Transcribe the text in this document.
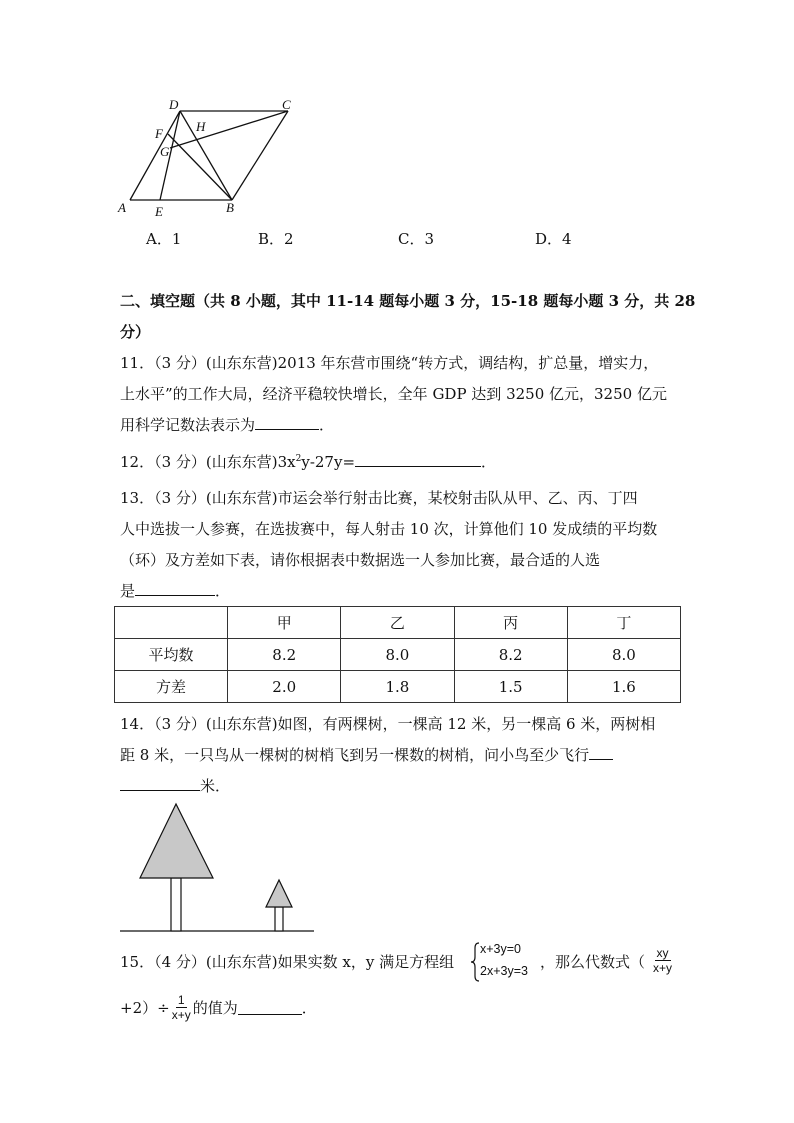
D	C
H
F
G
A E	B
A．1	B．2	C．3	D．4
二、填空题（共 8 小题，其中 11-14 题每小题 3 分，15-18 题每小题 3 分，共 28
分）
11．（3 分）(山东东营)2013 年东营市围绕“转方式，调结构，扩总量，增实力，
上水平”的工作大局，经济平稳较快增长，全年 GDP 达到 3250 亿元，3250 亿元
用科学记数法表示为	．
12．（3 分）(山东东营)$3x^2y-27y=$	．
13．（3 分）(山东东营)市运会举行射击比赛，某校射击队从甲、乙、丙、丁四
人中选拔一人参赛，在选拔赛中，每人射击 10 次，计算他们 10 发成绩的平均数
（环）及方差如下表，请你根据表中数据选一人参加比赛，最合适的人选
是	．
	甲	乙	丙	丁
平均数	8.2	8.0	8.2	8.0
方差	2.0	1.8	1.5	1.6
14．（3 分）(山东东营)如图，有两棵树，一棵高 12 米，另一棵高 6 米，两树相
距 8 米，一只鸟从一棵树的树梢飞到另一棵数的树梢，问小鸟至少飞行
米．
15．（4 分）(山东东营)如果实数 x，y 满足方程组
x+3y=0
2x+3y=3 ，那么代数式（ $\frac{xy}{x+y}$
$+2)\div \frac{1}{x+y}$ 的值为	．
